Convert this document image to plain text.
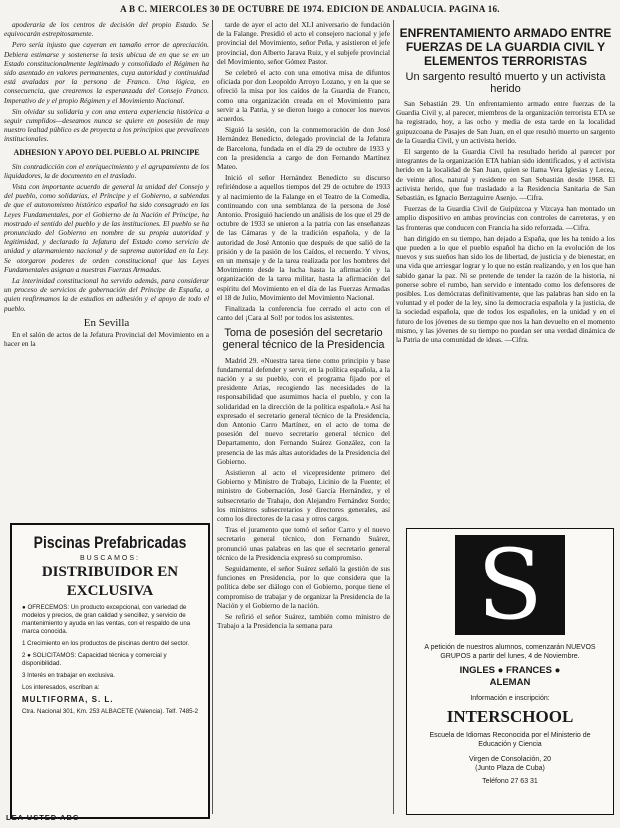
A B C. MIERCOLES 30 DE OCTUBRE DE 1974. EDICION DE ANDALUCIA. PAGINA 16.

apoderaría de los centros de decisión del propio Estado. Se equivocarán estrepitosamente.

Pero sería injusto que cayeran en tamaño error de apreciación. Debiera estimarse y sostenerse la tesis ubicua de en que se en un Estado constitucionalmente legitimado y consolidado el Régimen ha sido asentado en valores permanentes, cuya autoridad y continuidad está avaladas por la persona de Franco. Una lógica, en consecuencia, que crearemos la esperanzada del Consejo Franco. Imperativo de y el propio Régimen y el Movimiento Nacional.

Sin olvidar su solidaria y con una entera experiencia histórica a seguir cumplidos—deseamos nunca se quiere en posesión de muy nuestro lealtad público es de proyecta a los principios que prevalecen institucionales.

ADHESION Y APOYO DEL PUEBLO AL PRINCIPE

Sin contradicción con el enriquecimiento y el agrupamiento de los liquidadores, la de documento en el traslado.

Vista con importante acuerdo de general la unidad del Consejo y del pueblo, como solidarias, el Príncipe y el Gobierno, a sabiendas de que el autonomismo histórico español ha sido consagrado en las Leyes Fundamentales, por el Gobierno de la Nación el Príncipe, ha mostrado el sentido del pueblo y de las instituciones. El pueblo se ha pronunciado del Gobierno en nombre de su propia autoridad y legitimidad, y declarado la Jefatura del Estado como servicio de unidad y alarmamiento nacional y de suprema autoridad en la Ley. Se otorgaron poderes de orden constitucional que las Leyes Fundamentales asignan a nuestras Fuerzas Armadas.

La interinidad constitucional ha servido además, para considerar un proceso de servicios de gobernación del Príncipe de España, a quien reafirmamos la de estudios en adhesión y el apoyo de todo el pueblo.

En Sevilla

En el salón de actos de la Jefatura Provincial del Movimiento en a hacer en la

Piscinas Prefabricadas
BUSCAMOS:
DISTRIBUIDOR EN
EXCLUSIVA
● OFRECEMOS: Un producto excepcional, con variedad de modelos y precios, de gran calidad y sencillez, y servicio de mantenimiento y ayuda en las ventas, con el respaldo de una marca conocida.
1 Crecimiento en los productos de piscinas dentro del sector.
2 ● SOLICITAMOS: Capacidad técnica y comercial y disponibilidad.
3 Interés en trabajar en exclusiva.
Los interesados, escriban a:
MULTIFORMA, S. L.
Ctra. Nacional 301, Km. 253 ALBACETE (Valencia). Telf. 7485-2
LEA USTED ABC

tarde de ayer el acto del XLI aniversario de fundación de la Falange. Presidió el acto el consejero nacional y jefe provincial del Movimiento, señor Peña, y asistieron el jefe provincial, don Alberto Jarava Ruiz, y el subjefe provincial del Movimiento, señor Gómez Pastor.

Se celebró el acto con una emotiva misa de difuntos oficiada por don Leopoldo Arroyo Lozano, y en la que se ofreció la misa por los caídos de la Guardia de Franco, como una organización creada en el Movimiento para servir a la Patria, y se dieron luego a conocer los nuevos acuerdos.

Siguió la sesión, con la conmemoración de don José Hernández Benedicto, delegado provincial de la Jefatura de Barcelona, fundada en el día 29 de octubre de 1933 y con la presidencia a cargo de don Fernando Martínez Mateo.

Inició el señor Hernández Benedicto su discurso refiriéndose a aquellos tiempos del 29 de octubre de 1933 y al nacimiento de la Falange en el Teatro de la Comedia, continuando con una semblanza de la persona de José Antonio. Prosiguió haciendo un análisis de los que el 29 de octubre de 1933 se unieron a la patria con las enseñanzas de las Cámaras y de la tradición española, y de la autoridad de José Antonio que después de que salió de la prisión y de la pasión de los Caídos, el recuerdo. Y vivos, en un mensaje y de la tarea realizada por los hombres del Movimiento desde la lucha hasta la afirmación y la organización de la tarea militar, hasta la afirmación del espíritu del Movimiento en el día de las Fuerzas Armadas el 18 de Julio, Movimiento del Movimiento Nacional.

Finalizada la conferencia fue cerrado el acto con el canto del ¡Cara al Sol! por todos los asistentes.

Toma de posesión del secretario general técnico de la Presidencia

Madrid 29. «Nuestra tarea tiene como principio y base fundamental defender y servir, en la política española, a la nación y a su pueblo, con el programa fijado por el presidente Arias, recogiendo las necesidades de la responsabilidad que asumimos hacia el pueblo, y con la solidaridad en la dirección de la política española.» Así ha expresado el secretario general técnico de la Presidencia, don Antonio Carro Martínez, en el acto de toma de posesión del nuevo secretario general técnico del Departamento, don Fernando Suárez González, con la presencia de las más altas autoridades de la Presidencia del Gobierno.

Asistieron al acto el vicepresidente primero del Gobierno y Ministro de Trabajo, Licinio de la Fuente; el ministro de Gobernación, José García Hernández, y el subsecretario de Trabajo, don Alejandro Fernández Sordo; los ministros subsecretarios y directores generales, así como los directores de la casa y otros cargos.

Tras el juramento que tomó el señor Carro y el nuevo secretario general técnico, don Fernando Suárez, pronunció unas palabras en las que el secretario general técnico de la Presidencia expresó su compromiso.

Seguidamente, el señor Suárez señaló la gestión de sus funciones en Presidencia, por lo que considera que la política debe ser diálogo con el Gobierno, porque tiene el compromiso de trabajar y de organizar la Presidencia de la Nación y el Gobierno de la nación.

Se refirió el señor Suárez, también como ministro de Trabajo a la Presidencia la semana para

ENFRENTAMIENTO ARMADO ENTRE FUERZAS DE LA GUARDIA CIVIL Y ELEMENTOS TERRORISTAS
Un sargento resultó muerto y un activista herido

San Sebastián 29. Un enfrentamiento armado entre fuerzas de la Guardia Civil y, al parecer, miembros de la organización terrorista ETA se ha registrado, hoy, a las ocho y media de esta tarde en la localidad guipuzcoana de Pasajes de San Juan, en el que resultó muerto un sargento de la Guardia Civil, y un activista herido.

El sargento de la Guardia Civil ha resultado herido al parecer por integrantes de la organización ETA habían sido identificados, y el activista herido en la localidad de San Juan, quien se llama Vera Iglesias y Lecea, de veinte años, natural y residente en San Sebastián desde 1968. El activista herido, que fue trasladado a la Residencia Sanitaria de San Sebastián, es Ignacio Berzaguirre Asenjo. —Cifra.

Fuerzas de la Guardia Civil de Guipúzcoa y Vizcaya han montado un amplio dispositivo en ambas provincias con controles de carreteras, y en las fronteras que conducen con Francia ha sido reforzada. —Cifra.

han dirigido en su tiempo, han dejado a España, que les ha tenido a los que pueden a lo que el pueblo español ha dicho en la evolución de los nuevos y sus sueños han sido los de libertad, de justicia y de bienestar, en una vida que arriesgar lograr y lo que no están realizando, y en los que han sabido ganar la paz. Ni se pretende de tender la razón de la historia, ni ponerse sobre el rumbo, han servido e intentado como los defensores de posibles. Los demócratas definitivamente, que las palabras han sido en la voluntad y el poder de la ley, sino la democracia española y la justicia, de la sociedad española, que de todos los españoles, en la unidad y en el futuro de los jóvenes de su tiempo que nos la han devuelto en el momento mismo, y las jóvenes de su tiempo no puedan ser una verdad dinámica de la Patria de una comunidad de ideas. —Cifra.

S
A petición de nuestros alumnos, comenzarán NUEVOS GRUPOS a partir del lunes, 4 de Noviembre.
INGLES ● FRANCES ●
ALEMAN
Información e inscripción:
INTERSCHOOL
Escuela de Idiomas Reconocida por el Ministerio de Educación y Ciencia
Virgen de Consolación, 20
(Junto Plaza de Cuba)
Teléfono 27 63 31
